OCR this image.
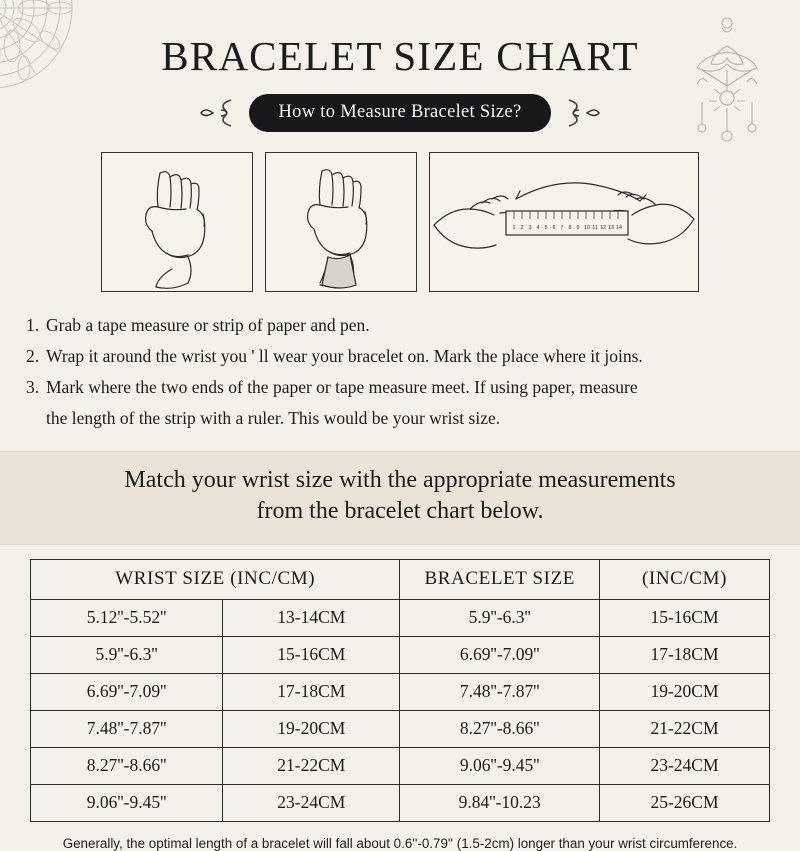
BRACELET SIZE CHART
How to Measure Bracelet Size?
1 2 3 4 5 6 7 8 9 10 11 12 13 14
1. Grab a tape measure or strip of paper and pen.
2. Wrap it around the wrist you ' ll wear your bracelet on. Mark the place where it joins.
3. Mark where the two ends of the paper or tape measure meet. If using paper, measure
the length of the strip with a ruler. This would be your wrist size.
Match your wrist size with the appropriate measurements
from the bracelet chart below.
WRIST SIZE (INC/CM)		BRACELET SIZE	(INC/CM)
5.12''-5.52''	13-14CM	5.9''-6.3''	15-16CM
5.9''-6.3''	15-16CM	6.69''-7.09''	17-18CM
6.69''-7.09''	17-18CM	7.48''-7.87''	19-20CM
7.48''-7.87''	19-20CM	8.27''-8.66''	21-22CM
8.27''-8.66''	21-22CM	9.06''-9.45''	23-24CM
9.06''-9.45''	23-24CM	9.84''-10.23	25-26CM
Generally, the optimal length of a bracelet will fall about 0.6''-0.79'' (1.5-2cm) longer than your wrist circumference.
